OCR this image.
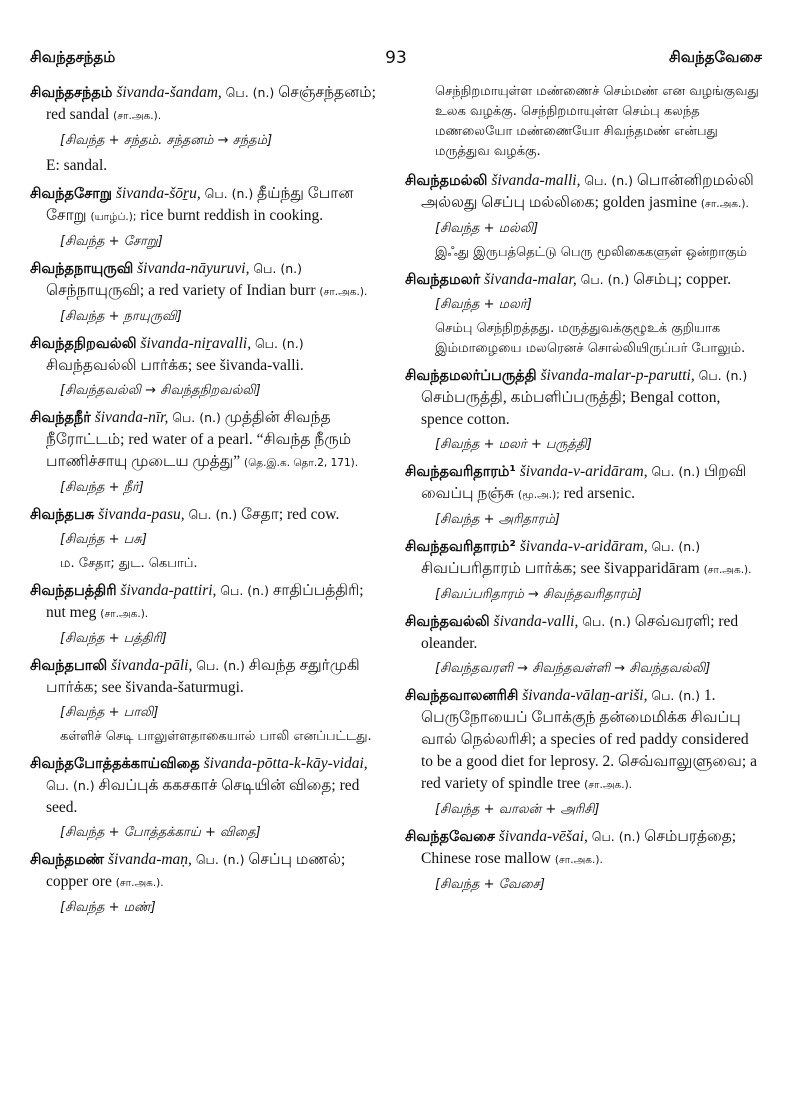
சிவந்தசந்தம்	93	சிவந்தவேசை
சிவந்தசந்தம் šivanda-šandam, பெ. (n.) செஞ்சந்தனம்; red sandal (சா.அக.).
[சிவந்த + சந்தம். சந்தனம் → சந்தம்]
E: sandal.
சிவந்தசோறு šivanda-šōṟu, பெ. (n.) தீய்ந்து போன சோறு (யாழ்ப்.); rice burnt reddish in cooking.
[சிவந்த + சோறு]
சிவந்தநாயுருவி šivanda-nāyuruvi, பெ. (n.) செந்நாயுருவி; a red variety of Indian burr (சா.அக.).
[சிவந்த + நாயுருவி]
சிவந்தநிறவல்லி šivanda-niṟavalli, பெ. (n.) சிவந்தவல்லி பார்க்க; see šivanda-valli.
[சிவந்தவல்லி → சிவந்தநிறவல்லி]
சிவந்தநீர் šivanda-nīr, பெ. (n.) முத்தின் சிவந்த நீரோட்டம்; red water of a pearl. “சிவந்த நீரும் பாணிச்சாயு முடைய முத்து” (தெ.இ.க. தொ.2, 171).
[சிவந்த + நீர்]
சிவந்தபசு šivanda-pasu, பெ. (n.) சேதா; red cow.
[சிவந்த + பசு]
ம. சேதா; துட. கெபாப்.
சிவந்தபத்திரி šivanda-pattiri, பெ. (n.) சாதிப்பத்திரி; nut meg (சா.அக.).
[சிவந்த + பத்திரி]
சிவந்தபாலி šivanda-pāli, பெ. (n.) சிவந்த சதுர்முகி பார்க்க; see šivanda-šaturmugi.
[சிவந்த + பாலி]
கள்ளிச் செடி பாலுள்ளதாகையால் பாலி எனப்பட்டது.
சிவந்தபோத்தக்காய்விதை šivanda-pōtta-k-kāy-vidai, பெ. (n.) சிவப்புக் ககசகாச் செடியின் விதை; red seed.
[சிவந்த + போத்தக்காய் + விதை]
சிவந்தமண் šivanda-maṇ, பெ. (n.) செப்பு மணல்; copper ore (சா.அக.).
[சிவந்த + மண்]
செந்நிறமாயுள்ள மண்ணைச் செம்மண் என வழங்குவது உலக வழக்கு. செந்நிறமாயுள்ள செம்பு கலந்த மணலையோ மண்ணையோ சிவந்தமண் என்பது மருத்துவ வழக்கு.
சிவந்தமல்லி šivanda-malli, பெ. (n.) பொன்னிறமல்லி அல்லது செப்பு மல்லிகை; golden jasmine (சா.அக.).
[சிவந்த + மல்லி]
இஃது இருபத்தெட்டு பெரு மூலிகைகளுள் ஒன்றாகும்
சிவந்தமலர் šivanda-malar, பெ. (n.) செம்பு; copper.
[சிவந்த + மலர்]
செம்பு செந்நிறத்தது. மருத்துவக்குழூஉக் குறியாக இம்மாழையை மலரெனச் சொல்லியிருப்பர் போலும்.
சிவந்தமலர்ப்பருத்தி šivanda-malar-p-parutti, பெ. (n.) செம்பருத்தி, கம்பளிப்பருத்தி; Bengal cotton, spence cotton.
[சிவந்த + மலர் + பருத்தி]
சிவந்தவரிதாரம்¹ šivanda-v-aridāram, பெ. (n.) பிறவி வைப்பு நஞ்சு (மூ.அ.); red arsenic.
[சிவந்த + அரிதாரம்]
சிவந்தவரிதாரம்² šivanda-v-aridāram, பெ. (n.) சிவப்பரிதாரம் பார்க்க; see šivapparidāram (சா.அக.).
[சிவப்பரிதாரம் → சிவந்தவரிதாரம்]
சிவந்தவல்லி šivanda-valli, பெ. (n.) செவ்வரளி; red oleander.
[சிவந்தவரளி → சிவந்தவள்ளி → சிவந்தவல்லி]
சிவந்தவாலனரிசி šivanda-vālaṉ-ariši, பெ. (n.) 1. பெருநோயைப் போக்குந் தன்மைமிக்க சிவப்பு வால் நெல்லரிசி; a species of red paddy considered to be a good diet for leprosy. 2. செவ்வாலுளுவை; a red variety of spindle tree (சா.அக.).
[சிவந்த + வாலன் + அரிசி]
சிவந்தவேசை šivanda-vēšai, பெ. (n.) செம்பரத்தை; Chinese rose mallow (சா.அக.).
[சிவந்த + வேசை]
